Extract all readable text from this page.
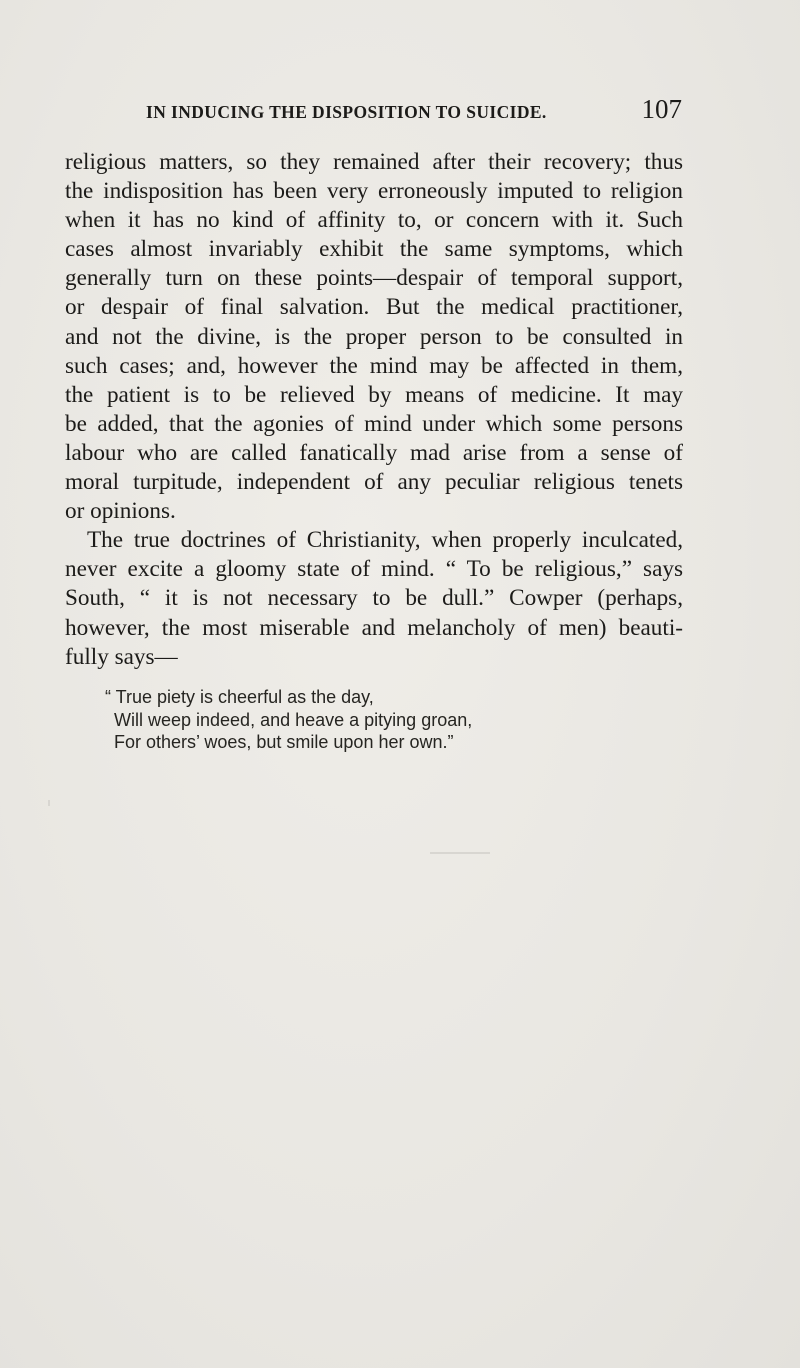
IN INDUCING THE DISPOSITION TO SUICIDE.	107
religious matters, so they remained after their recovery; thus
the indisposition has been very erroneously imputed to religion
when it has no kind of affinity to, or concern with it. Such
cases almost invariably exhibit the same symptoms, which
generally turn on these points—despair of temporal support,
or despair of final salvation. But the medical practitioner,
and not the divine, is the proper person to be consulted in
such cases; and, however the mind may be affected in them,
the patient is to be relieved by means of medicine. It may
be added, that the agonies of mind under which some persons
labour who are called fanatically mad arise from a sense of
moral turpitude, independent of any peculiar religious tenets
or opinions.
The true doctrines of Christianity, when properly inculcated,
never excite a gloomy state of mind. “ To be religious,” says
South, “ it is not necessary to be dull.” Cowper (perhaps,
however, the most miserable and melancholy of men) beauti-
fully says—
“ True piety is cheerful as the day,
Will weep indeed, and heave a pitying groan,
For others’ woes, but smile upon her own.”
